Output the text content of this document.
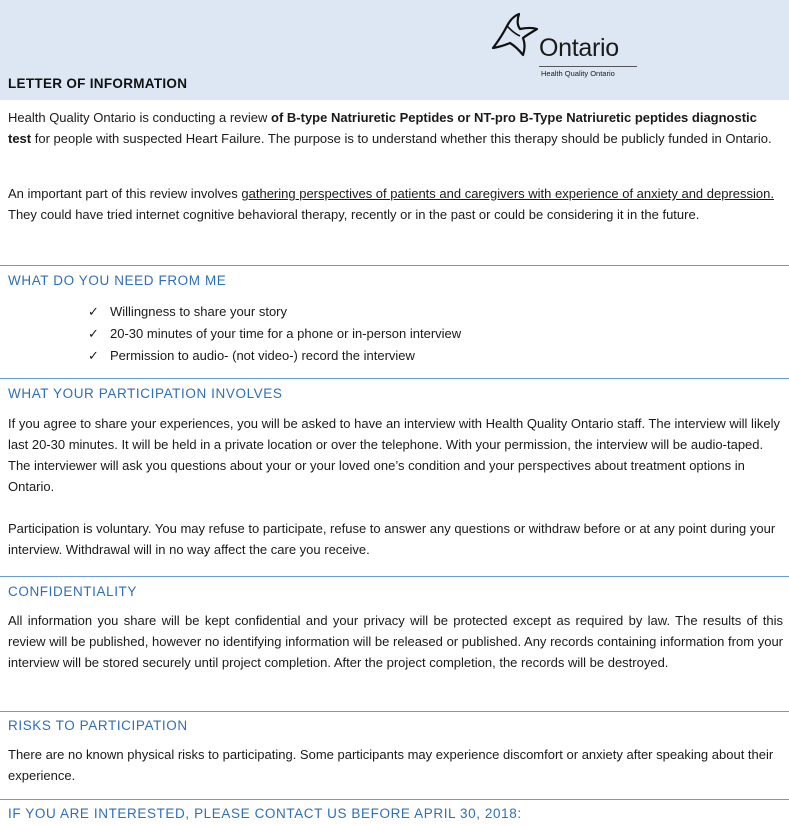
Ontario
Health Quality Ontario
LETTER OF INFORMATION

Health Quality Ontario is conducting a review of B-type Natriuretic Peptides or NT-pro B-Type Natriuretic peptides diagnostic test for people with suspected Heart Failure. The purpose is to understand whether this therapy should be publicly funded in Ontario.

An important part of this review involves gathering perspectives of patients and caregivers with experience of anxiety and depression. They could have tried internet cognitive behavioral therapy, recently or in the past or could be considering it in the future.

WHAT DO YOU NEED FROM ME
✓ Willingness to share your story
✓ 20-30 minutes of your time for a phone or in-person interview
✓ Permission to audio- (not video-) record the interview
WHAT YOUR PARTICIPATION INVOLVES

If you agree to share your experiences, you will be asked to have an interview with Health Quality Ontario staff. The interview will likely last 20-30 minutes. It will be held in a private location or over the telephone. With your permission, the interview will be audio-taped. The interviewer will ask you questions about your or your loved one’s condition and your perspectives about treatment options in Ontario.

Participation is voluntary. You may refuse to participate, refuse to answer any questions or withdraw before or at any point during your interview. Withdrawal will in no way affect the care you receive.

CONFIDENTIALITY

All information you share will be kept confidential and your privacy will be protected except as required by law. The results of this review will be published, however no identifying information will be released or published. Any records containing information from your interview will be stored securely until project completion. After the project completion, the records will be destroyed.

RISKS TO PARTICIPATION

There are no known physical risks to participating. Some participants may experience discomfort or anxiety after speaking about their experience.

IF YOU ARE INTERESTED, PLEASE CONTACT US BEFORE APRIL 30, 2018:
